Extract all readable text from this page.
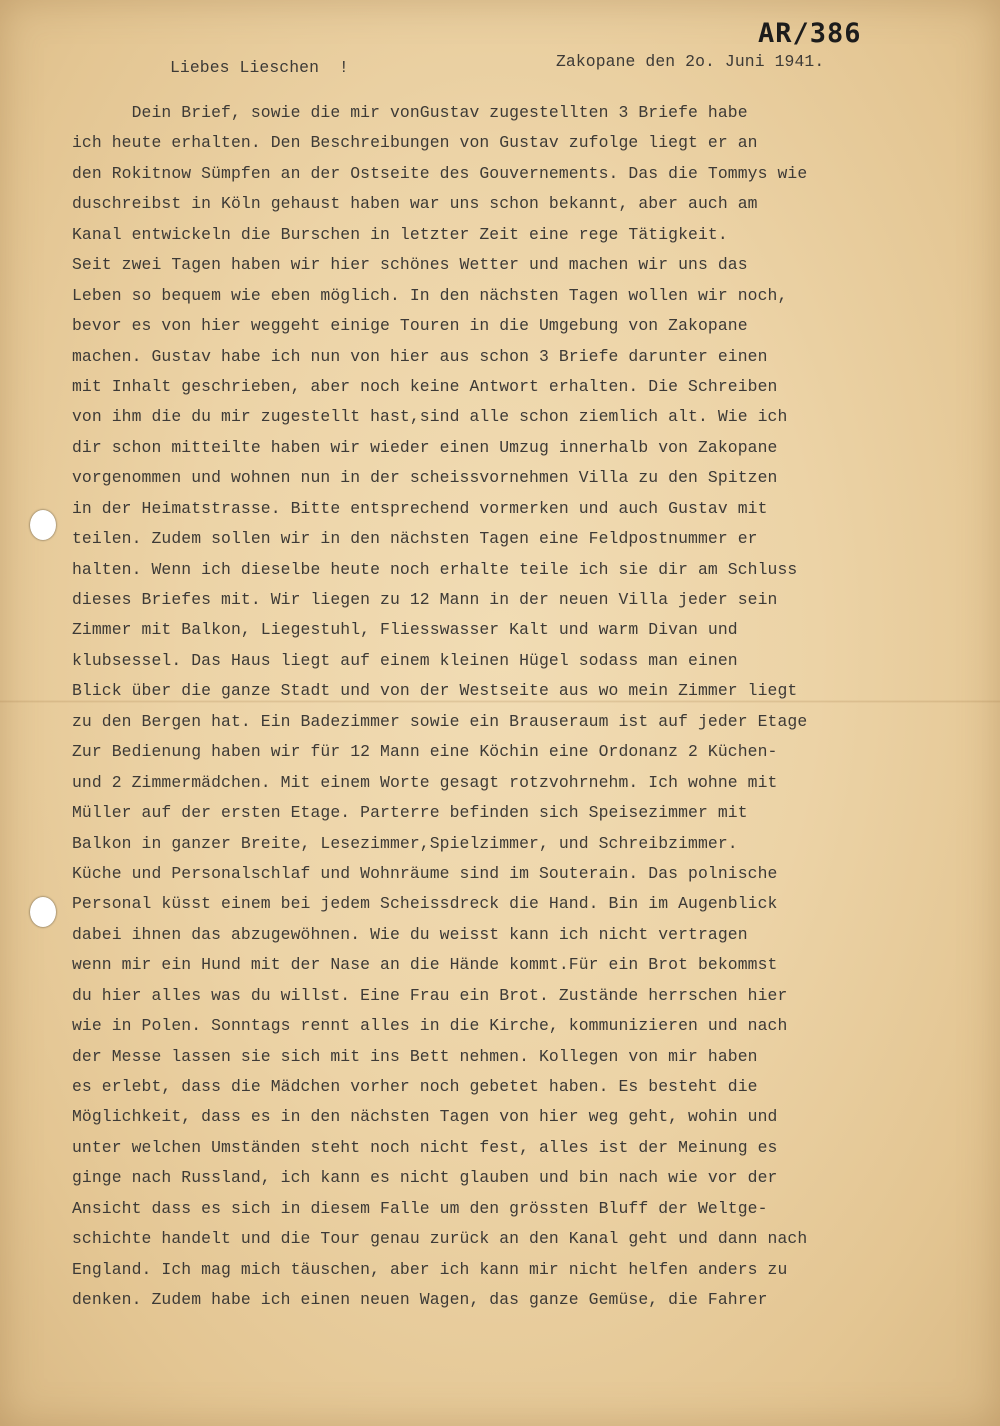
AR/386
Liebes Lieschen  !	Zakopane den 2o. Juni 1941.
Dein Brief, sowie die mir vonGustav zugestellten 3 Briefe habe
ich heute erhalten. Den Beschreibungen von Gustav zufolge liegt er an
den Rokitnow Sümpfen an der Ostseite des Gouvernements. Das die Tommys wie
duschreibst in Köln gehaust haben war uns schon bekannt, aber auch am
Kanal entwickeln die Burschen in letzter Zeit eine rege Tätigkeit.
Seit zwei Tagen haben wir hier schönes Wetter und machen wir uns das
Leben so bequem wie eben möglich. In den nächsten Tagen wollen wir noch,
bevor es von hier weggeht einige Touren in die Umgebung von Zakopane
machen. Gustav habe ich nun von hier aus schon 3 Briefe darunter einen
mit Inhalt geschrieben, aber noch keine Antwort erhalten. Die Schreiben
von ihm die du mir zugestellt hast,sind alle schon ziemlich alt. Wie ich
dir schon mitteilte haben wir wieder einen Umzug innerhalb von Zakopane
vorgenommen und wohnen nun in der scheissvornehmen Villa zu den Spitzen
in der Heimatstrasse. Bitte entsprechend vormerken und auch Gustav mit
teilen. Zudem sollen wir in den nächsten Tagen eine Feldpostnummer er
halten. Wenn ich dieselbe heute noch erhalte teile ich sie dir am Schluss
dieses Briefes mit. Wir liegen zu 12 Mann in der neuen Villa jeder sein
Zimmer mit Balkon, Liegestuhl, Fliesswasser Kalt und warm Divan und
klubsessel. Das Haus liegt auf einem kleinen Hügel sodass man einen
Blick über die ganze Stadt und von der Westseite aus wo mein Zimmer liegt
zu den Bergen hat. Ein Badezimmer sowie ein Brauseraum ist auf jeder Etage
Zur Bedienung haben wir für 12 Mann eine Köchin eine Ordonanz 2 Küchen-
und 2 Zimmermädchen. Mit einem Worte gesagt rotzvohrnehm. Ich wohne mit
Müller auf der ersten Etage. Parterre befinden sich Speisezimmer mit
Balkon in ganzer Breite, Lesezimmer,Spielzimmer, und Schreibzimmer.
Küche und Personalschlaf und Wohnräume sind im Souterain. Das polnische
Personal küsst einem bei jedem Scheissdreck die Hand. Bin im Augenblick
dabei ihnen das abzugewöhnen. Wie du weisst kann ich nicht vertragen
wenn mir ein Hund mit der Nase an die Hände kommt.Für ein Brot bekommst
du hier alles was du willst. Eine Frau ein Brot. Zustände herrschen hier
wie in Polen. Sonntags rennt alles in die Kirche, kommunizieren und nach
der Messe lassen sie sich mit ins Bett nehmen. Kollegen von mir haben
es erlebt, dass die Mädchen vorher noch gebetet haben. Es besteht die
Möglichkeit, dass es in den nächsten Tagen von hier weg geht, wohin und
unter welchen Umständen steht noch nicht fest, alles ist der Meinung es
ginge nach Russland, ich kann es nicht glauben und bin nach wie vor der
Ansicht dass es sich in diesem Falle um den grössten Bluff der Weltge-
schichte handelt und die Tour genau zurück an den Kanal geht und dann nach
England. Ich mag mich täuschen, aber ich kann mir nicht helfen anders zu
denken. Zudem habe ich einen neuen Wagen, das ganze Gemüse, die Fahrer
